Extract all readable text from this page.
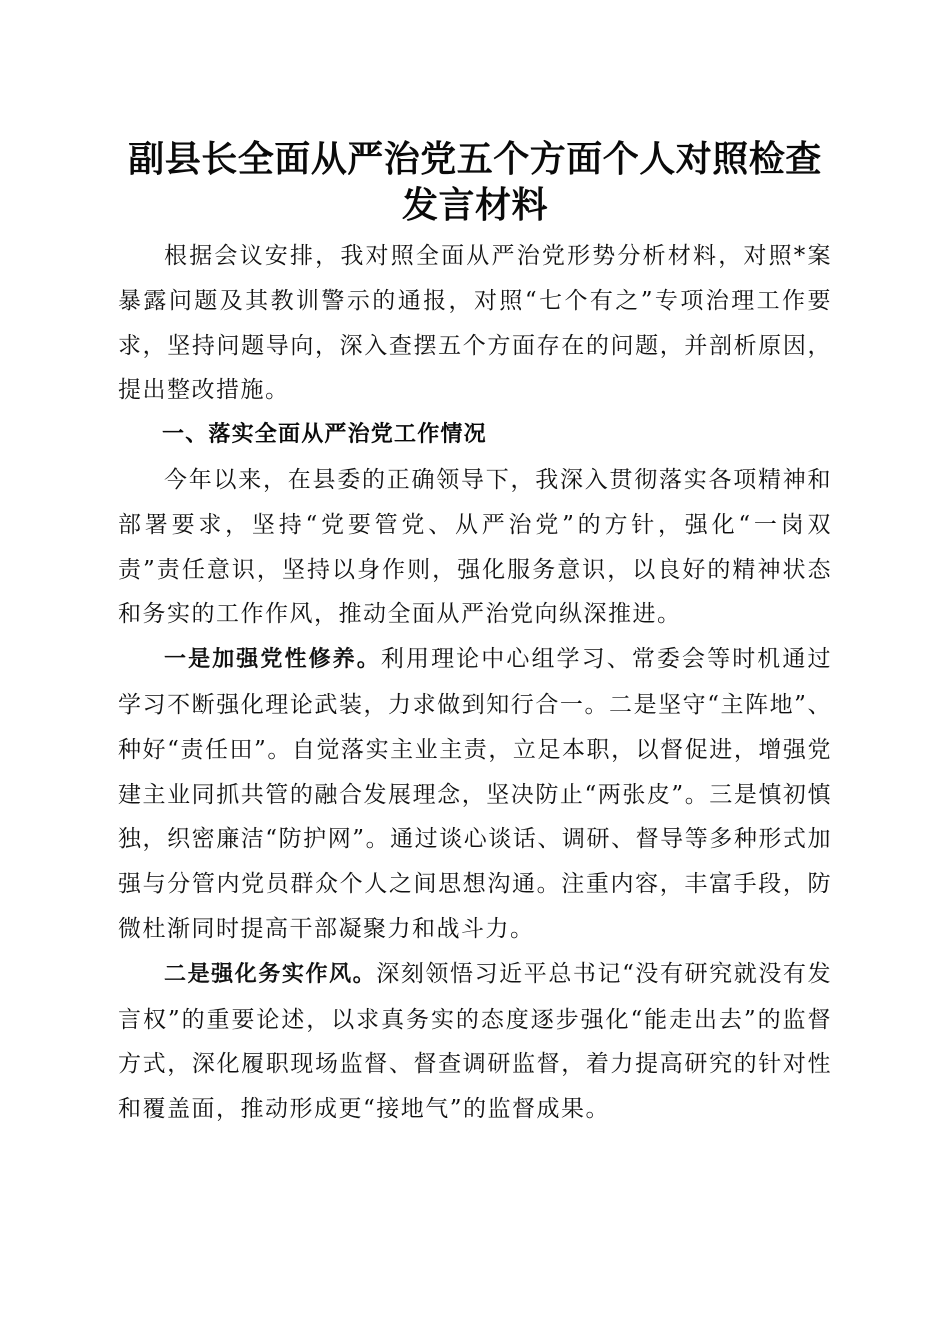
副县长全面从严治党五个方面个人对照检查发言材料

根据会议安排，我对照全面从严治党形势分析材料，对照*案暴露问题及其教训警示的通报，对照“七个有之”专项治理工作要求，坚持问题导向，深入查摆五个方面存在的问题，并剖析原因，提出整改措施。

一、落实全面从严治党工作情况

今年以来，在县委的正确领导下，我深入贯彻落实各项精神和部署要求，坚持“党要管党、从严治党”的方针，强化“一岗双责”责任意识，坚持以身作则，强化服务意识，以良好的精神状态和务实的工作作风，推动全面从严治党向纵深推进。

一是加强党性修养。利用理论中心组学习、常委会等时机通过学习不断强化理论武装，力求做到知行合一。二是坚守“主阵地”、种好“责任田”。自觉落实主业主责，立足本职，以督促进，增强党建主业同抓共管的融合发展理念，坚决防止“两张皮”。三是慎初慎独，织密廉洁“防护网”。通过谈心谈话、调研、督导等多种形式加强与分管内党员群众个人之间思想沟通。注重内容，丰富手段，防微杜渐同时提高干部凝聚力和战斗力。

二是强化务实作风。深刻领悟习近平总书记“没有研究就没有发言权”的重要论述，以求真务实的态度逐步强化“能走出去”的监督方式，深化履职现场监督、督查调研监督，着力提高研究的针对性和覆盖面，推动形成更“接地气”的监督成果。
